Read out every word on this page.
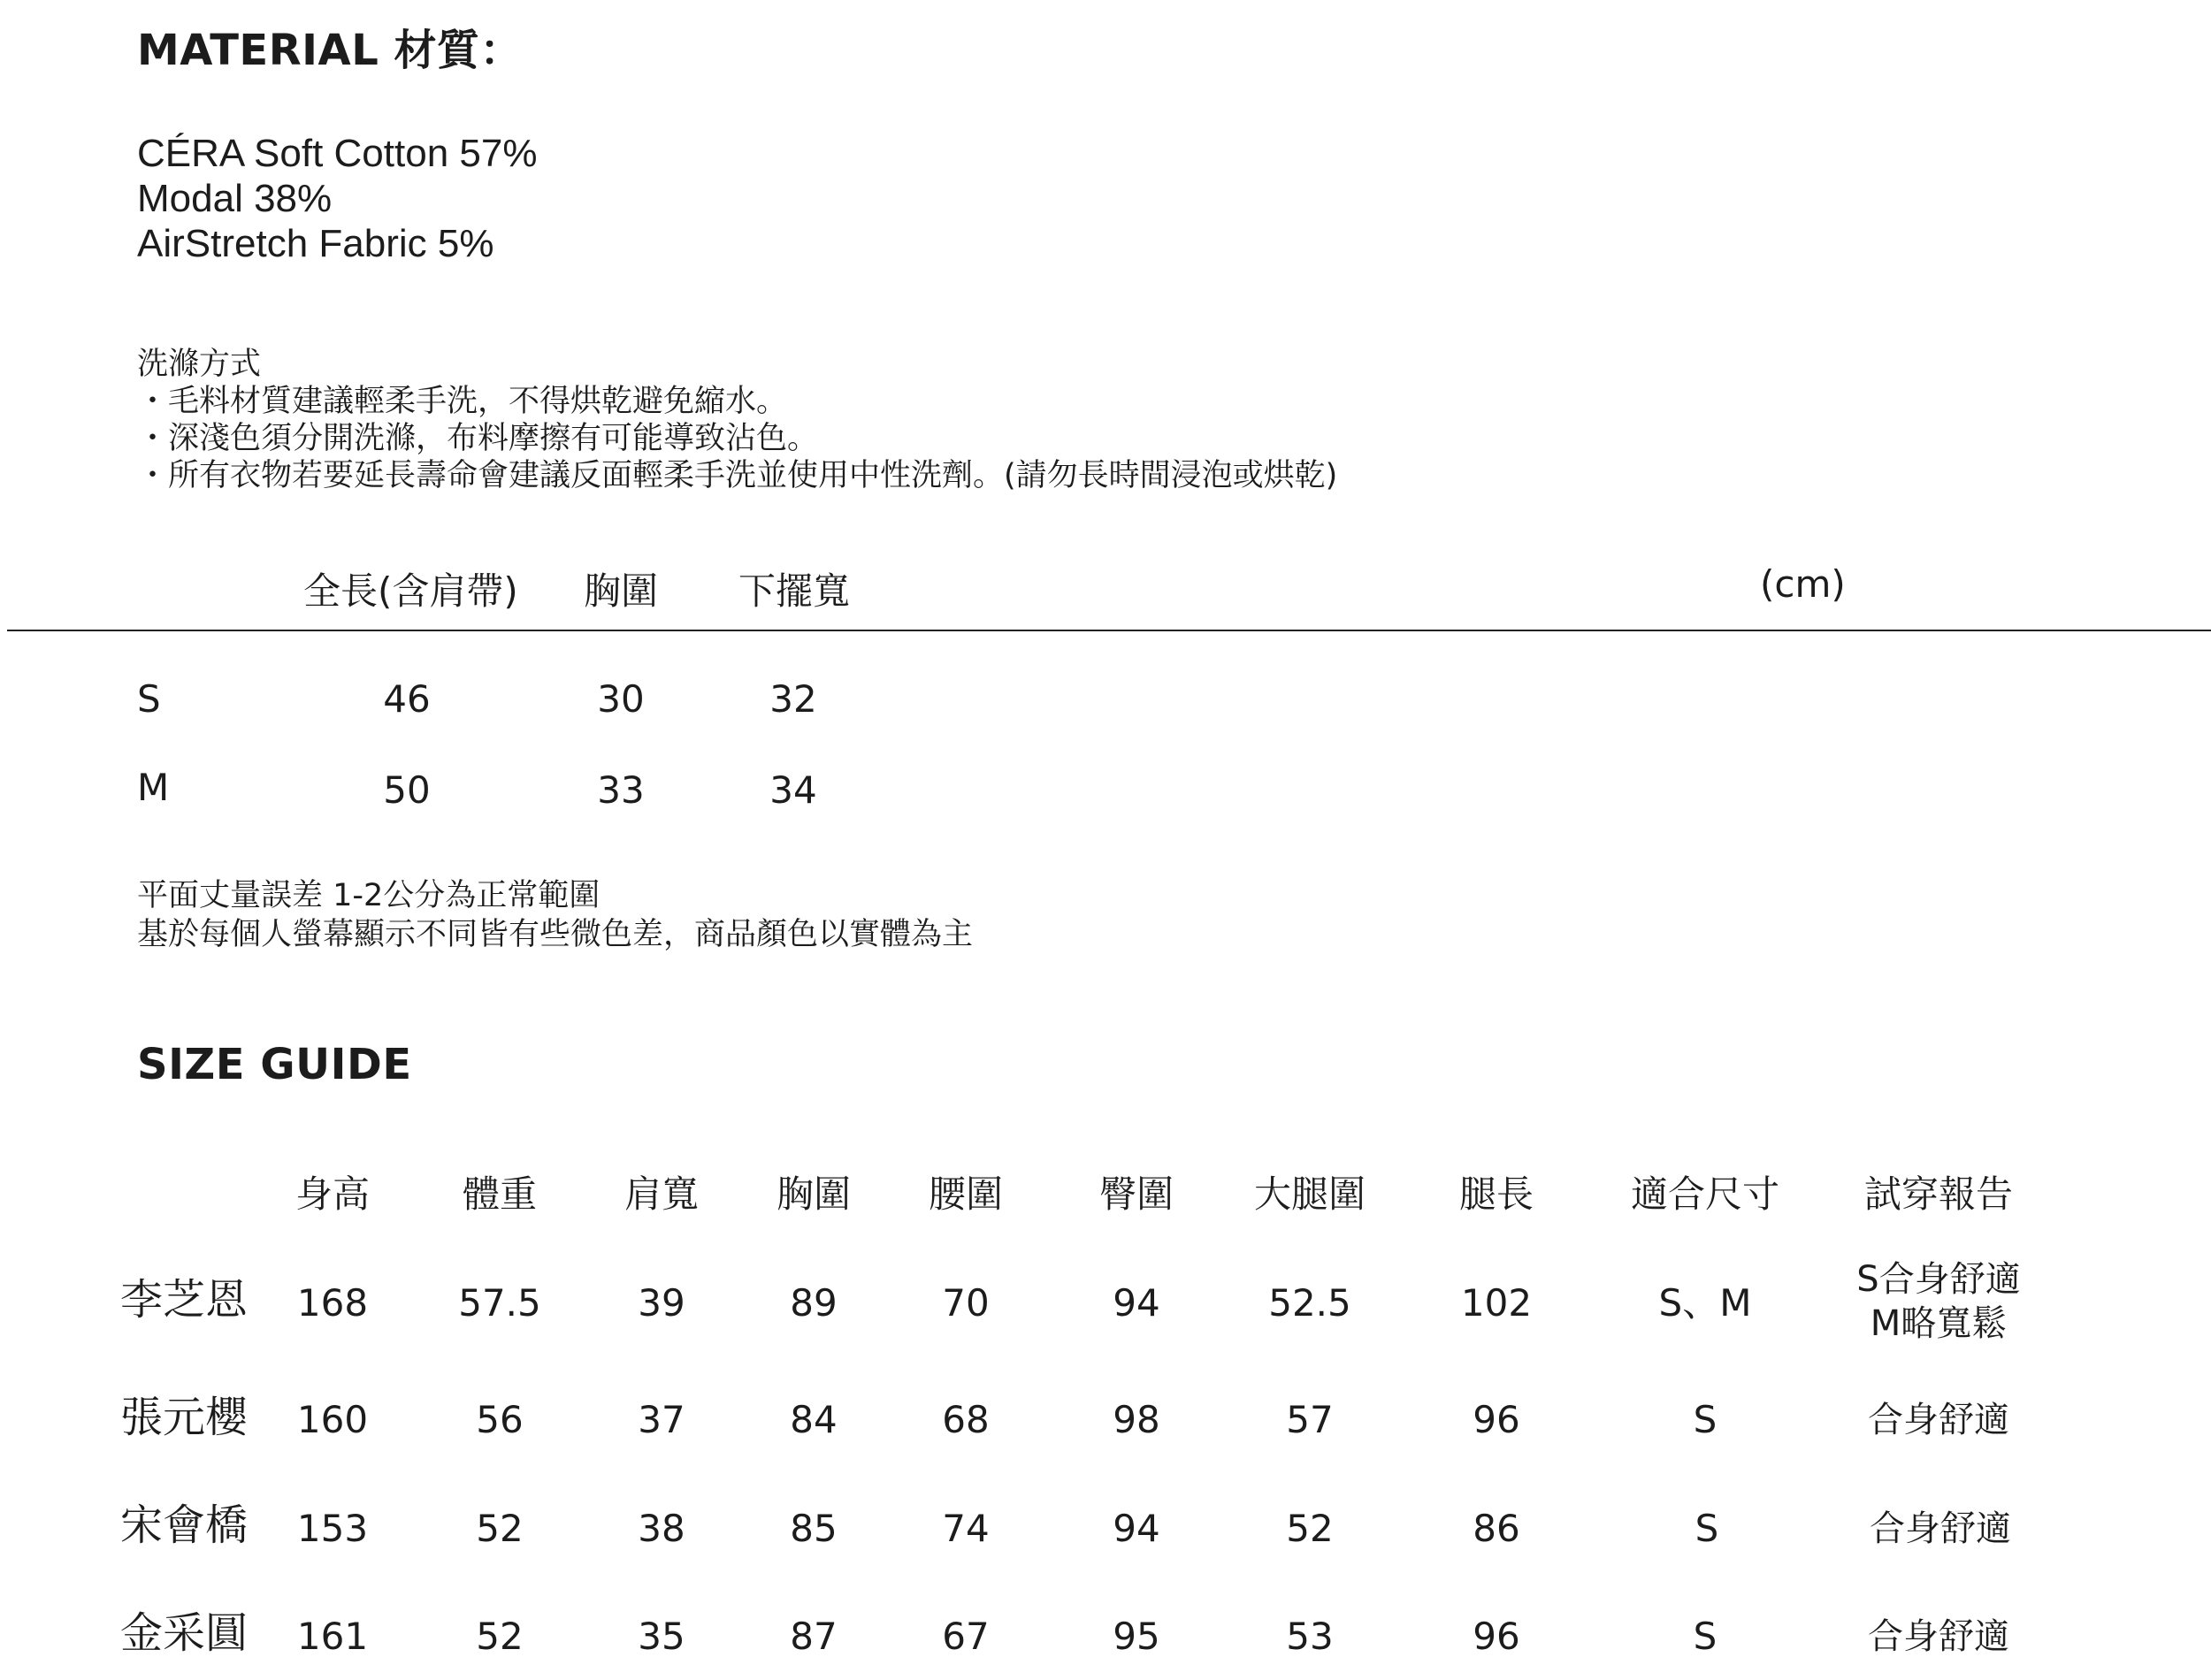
MATERIAL 材質：
CÉRA Soft Cotton 57%
Modal 38%
AirStretch Fabric 5%
洗滌方式
・毛料材質建議輕柔手洗，不得烘乾避免縮水。
・深淺色須分開洗滌，布料摩擦有可能導致沾色。
・所有衣物若要延長壽命會建議反面輕柔手洗並使用中性洗劑。(請勿長時間浸泡或烘乾)
全長(含肩帶) 胸圍 下擺寬	(cm)
S	46	30	32
M	50	33	34
平面丈量誤差 1-2公分為正常範圍
基於每個人螢幕顯示不同皆有些微色差，商品顏色以實體為主
SIZE GUIDE
身高 體重 肩寬 胸圍 腰圍	臀圍 大腿圍	腿長	適合尺寸 試穿報告
李芝恩 168 57.5	39	89	70	94	52.5	102	S、M
S合身舒適
M略寬鬆
張元櫻 160	56	37	84	68	98	57	96	S	合身舒適
宋會橋 153	52	38	85	74	94	52	86	S	合身舒適
金采圓 161	52	35	87	67	95	53	96	S	合身舒適
